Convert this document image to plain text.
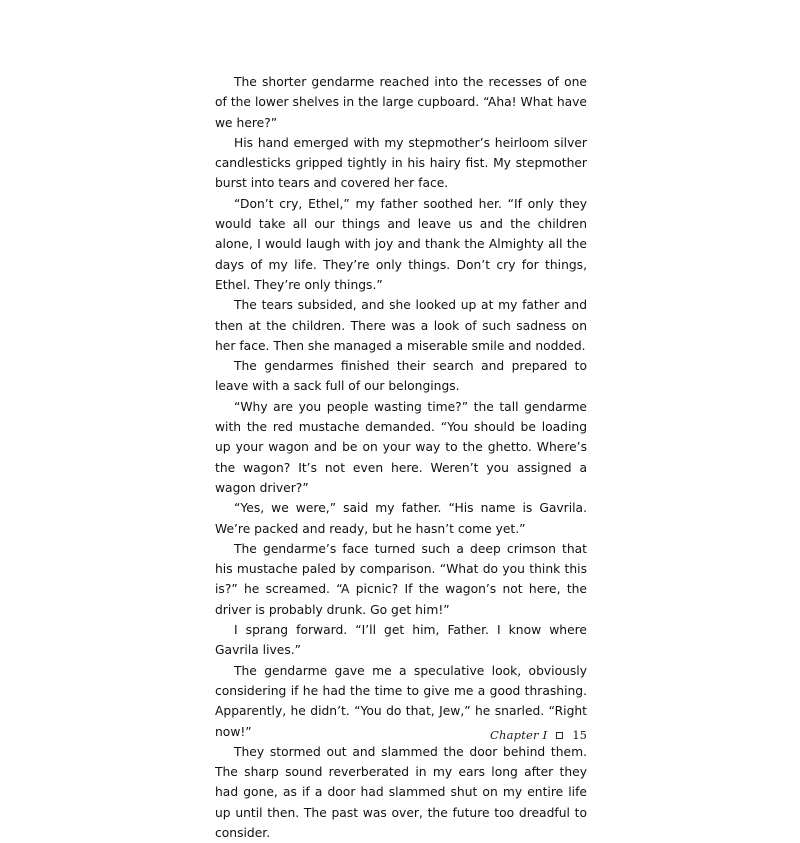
The shorter gendarme reached into the recesses of one of the lower shelves in the large cupboard. “Aha! What have we here?”

His hand emerged with my stepmother’s heirloom silver candlesticks gripped tightly in his hairy fist. My stepmother burst into tears and covered her face.

“Don’t cry, Ethel,” my father soothed her. “If only they would take all our things and leave us and the children alone, I would laugh with joy and thank the Almighty all the days of my life. They’re only things. Don’t cry for things, Ethel. They’re only things.”

The tears subsided, and she looked up at my father and then at the children. There was a look of such sadness on her face. Then she managed a miserable smile and nodded.

The gendarmes finished their search and prepared to leave with a sack full of our belongings.

“Why are you people wasting time?” the tall gendarme with the red mustache demanded. “You should be loading up your wagon and be on your way to the ghetto. Where’s the wagon? It’s not even here. Weren’t you assigned a wagon driver?”

“Yes, we were,” said my father. “His name is Gavrila. We’re packed and ready, but he hasn’t come yet.”

The gendarme’s face turned such a deep crimson that his mustache paled by comparison. “What do you think this is?” he screamed. “A picnic? If the wagon’s not here, the driver is probably drunk. Go get him!”

I sprang forward. “I’ll get him, Father. I know where Gavrila lives.”

The gendarme gave me a speculative look, obviously considering if he had the time to give me a good thrashing. Apparently, he didn’t. “You do that, Jew,” he snarled. “Right now!”

They stormed out and slammed the door behind them. The sharp sound reverberated in my ears long after they had gone, as if a door had slammed shut on my entire life up until then. The past was over, the future too dreadful to consider.

Chapter I 15
